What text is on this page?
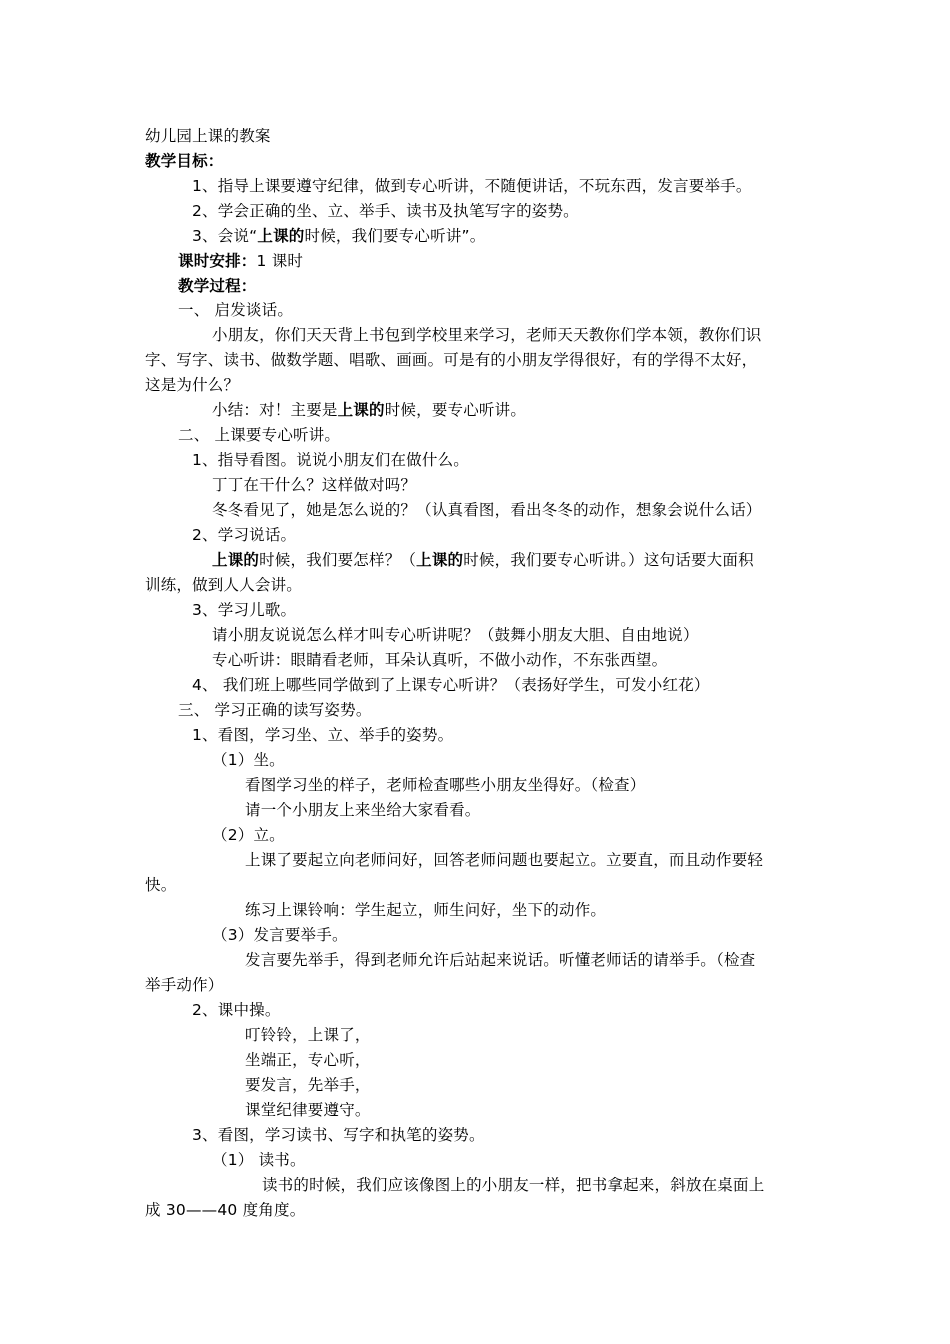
幼儿园上课的教案
教学目标：
1、指导上课要遵守纪律，做到专心听讲，不随便讲话，不玩东西，发言要举手。
2、学会正确的坐、立、举手、读书及执笔写字的姿势。
3、会说“上课的时候，我们要专心听讲”。
课时安排：1 课时
教学过程：
一、 启发谈话。
小朋友，你们天天背上书包到学校里来学习，老师天天教你们学本领，教你们识
字、写字、读书、做数学题、唱歌、画画。可是有的小朋友学得很好，有的学得不太好，
这是为什么？
小结：对！主要是上课的时候，要专心听讲。
二、 上课要专心听讲。
1、指导看图。说说小朋友们在做什么。
丁丁在干什么？这样做对吗？
冬冬看见了，她是怎么说的？（认真看图，看出冬冬的动作，想象会说什么话）
2、学习说话。
上课的时候，我们要怎样？（上课的时候，我们要专心听讲。）这句话要大面积
训练，做到人人会讲。
3、学习儿歌。
请小朋友说说怎么样才叫专心听讲呢？（鼓舞小朋友大胆、自由地说）
专心听讲：眼睛看老师，耳朵认真听，不做小动作，不东张西望。
4、 我们班上哪些同学做到了上课专心听讲？（表扬好学生，可发小红花）
三、 学习正确的读写姿势。
1、看图，学习坐、立、举手的姿势。
（1）坐。
看图学习坐的样子，老师检查哪些小朋友坐得好。（检查）
请一个小朋友上来坐给大家看看。
（2）立。
上课了要起立向老师问好，回答老师问题也要起立。立要直，而且动作要轻
快。
练习上课铃响：学生起立，师生问好，坐下的动作。
（3）发言要举手。
发言要先举手，得到老师允许后站起来说话。听懂老师话的请举手。（检查
举手动作）
2、课中操。
叮铃铃，上课了，
坐端正，专心听，
要发言，先举手，
课堂纪律要遵守。
3、看图，学习读书、写字和执笔的姿势。
（1） 读书。
读书的时候，我们应该像图上的小朋友一样，把书拿起来，斜放在桌面上
成 30——40 度角度。
